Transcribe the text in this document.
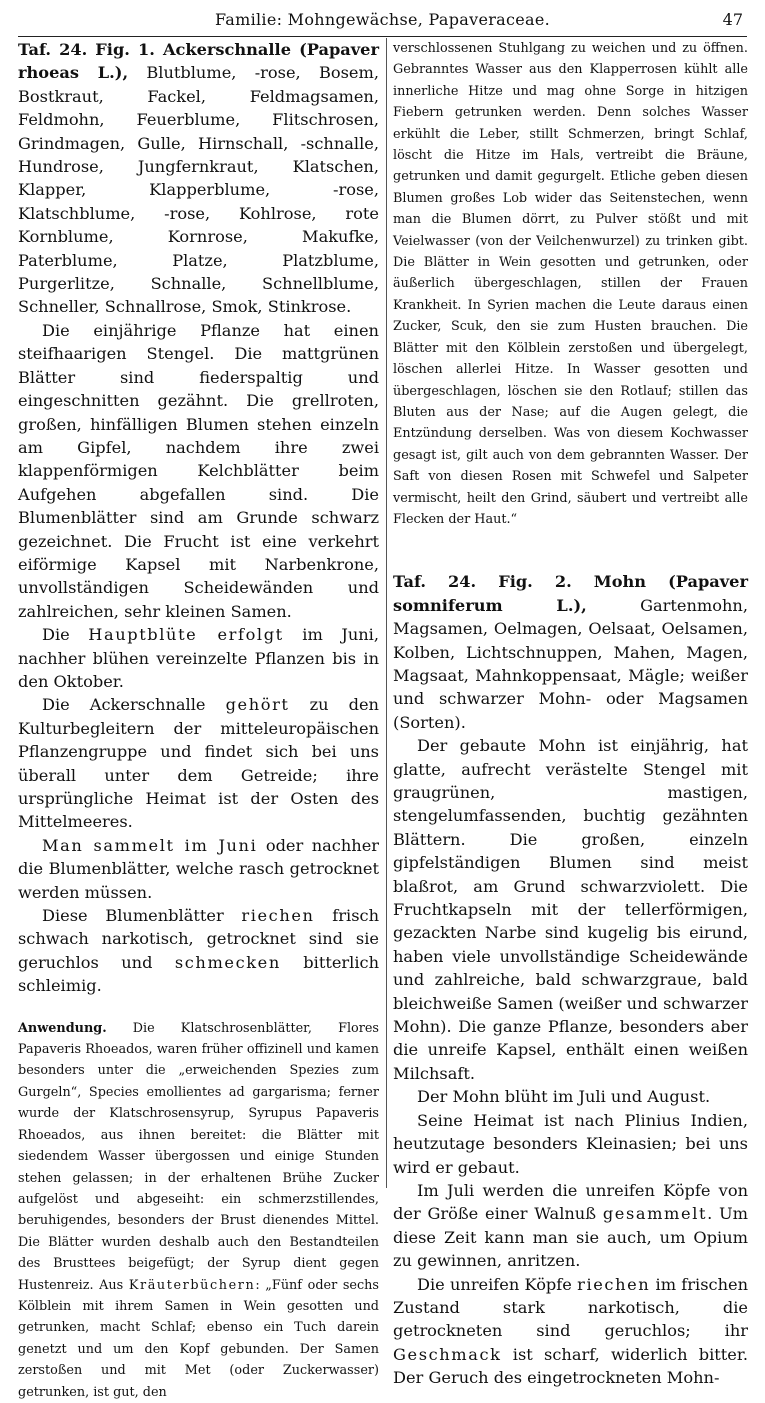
Familie: Mohngewächse, Papaveraceae.	47

Taf. 24. Fig. 1. Ackerschnalle (Papaver rhoeas L.), Blutblume, -rose, Bosem, Bostkraut, Fackel, Feldmagsamen, Feldmohn, Feuerblume, Flitschrosen, Grindmagen, Gulle, Hirnschall, -schnalle, Hundrose, Jungfernkraut, Klatschen, Klapper, Klapperblume, -rose, Klatschblume, -rose, Kohlrose, rote Kornblume, Kornrose, Makufke, Paterblume, Platze, Platzblume, Purgerlitze, Schnalle, Schnellblume, Schneller, Schnallrose, Smok, Stinkrose.

Die einjährige Pflanze hat einen steifhaarigen Stengel. Die mattgrünen Blätter sind fiederspaltig und eingeschnitten gezähnt. Die grellroten, großen, hinfälligen Blumen stehen einzeln am Gipfel, nachdem ihre zwei klappenförmigen Kelchblätter beim Aufgehen abgefallen sind. Die Blumenblätter sind am Grunde schwarz gezeichnet. Die Frucht ist eine verkehrt eiförmige Kapsel mit Narbenkrone, unvollständigen Scheidewänden und zahlreichen, sehr kleinen Samen.

Die Hauptblüte erfolgt im Juni, nachher blühen vereinzelte Pflanzen bis in den Oktober.

Die Ackerschnalle gehört zu den Kulturbegleitern der mitteleuropäischen Pflanzengruppe und findet sich bei uns überall unter dem Getreide; ihre ursprüngliche Heimat ist der Osten des Mittelmeeres.

Man sammelt im Juni oder nachher die Blumenblätter, welche rasch getrocknet werden müssen.

Diese Blumenblätter riechen frisch schwach narkotisch, getrocknet sind sie geruchlos und schmecken bitterlich schleimig.

Anwendung. Die Klatschrosenblätter, Flores Papaveris Rhoeados, waren früher offizinell und kamen besonders unter die „erweichenden Spezies zum Gurgeln“, Species emollientes ad gargarisma; ferner wurde der Klatschrosensyrup, Syrupus Papaveris Rhoeados, aus ihnen bereitet: die Blätter mit siedendem Wasser übergossen und einige Stunden stehen gelassen; in der erhaltenen Brühe Zucker aufgelöst und abgeseiht: ein schmerzstillendes, beruhigendes, besonders der Brust dienendes Mittel. Die Blätter wurden deshalb auch den Bestandteilen des Brusttees beigefügt; der Syrup dient gegen Hustenreiz. Aus Kräuterbüchern: „Fünf oder sechs Kölblein mit ihrem Samen in Wein gesotten und getrunken, macht Schlaf; ebenso ein Tuch darein genetzt und um den Kopf gebunden. Der Samen zerstoßen und mit Met (oder Zuckerwasser) getrunken, ist gut, den

verschlossenen Stuhlgang zu weichen und zu öffnen. Gebranntes Wasser aus den Klapperrosen kühlt alle innerliche Hitze und mag ohne Sorge in hitzigen Fiebern getrunken werden. Denn solches Wasser erkühlt die Leber, stillt Schmerzen, bringt Schlaf, löscht die Hitze im Hals, vertreibt die Bräune, getrunken und damit gegurgelt. Etliche geben diesen Blumen großes Lob wider das Seitenstechen, wenn man die Blumen dörrt, zu Pulver stößt und mit Veielwasser (von der Veilchenwurzel) zu trinken gibt. Die Blätter in Wein gesotten und getrunken, oder äußerlich übergeschlagen, stillen der Frauen Krankheit. In Syrien machen die Leute daraus einen Zucker, Scuk, den sie zum Husten brauchen. Die Blätter mit den Kölblein zerstoßen und übergelegt, löschen allerlei Hitze. In Wasser gesotten und übergeschlagen, löschen sie den Rotlauf; stillen das Bluten aus der Nase; auf die Augen gelegt, die Entzündung derselben. Was von diesem Kochwasser gesagt ist, gilt auch von dem gebrannten Wasser. Der Saft von diesen Rosen mit Schwefel und Salpeter vermischt, heilt den Grind, säubert und vertreibt alle Flecken der Haut.“

Taf. 24. Fig. 2. Mohn (Papaver somniferum L.),	Gartenmohn, Magsamen, Oelmagen, Oelsaat, Oelsamen, Kolben, Lichtschnuppen, Mahen, Magen, Magsaat, Mahnkoppensaat, Mägle; weißer und schwarzer Mohn- oder Magsamen (Sorten).

Der gebaute Mohn ist einjährig, hat glatte, aufrecht verästelte Stengel mit graugrünen, mastigen, stengelumfassenden, buchtig gezähnten Blättern. Die großen, einzeln gipfelständigen Blumen sind meist blaßrot, am Grund schwarzviolett. Die Fruchtkapseln mit der tellerförmigen, gezackten Narbe sind kugelig bis eirund, haben viele unvollständige Scheidewände und zahlreiche, bald schwarzgraue, bald bleichweiße Samen (weißer und schwarzer Mohn). Die ganze Pflanze, besonders aber die unreife Kapsel, enthält einen weißen Milchsaft.

Der Mohn blüht im Juli und August.

Seine Heimat ist nach Plinius Indien, heutzutage besonders Kleinasien; bei uns wird er gebaut.

Im Juli werden die unreifen Köpfe von der Größe einer Walnuß gesammelt. Um diese Zeit kann man sie auch, um Opium zu gewinnen, anritzen.

Die unreifen Köpfe riechen im frischen Zustand stark narkotisch, die getrockneten sind geruchlos; ihr Geschmack ist scharf, widerlich bitter. Der Geruch des eingetrockneten Mohn-
